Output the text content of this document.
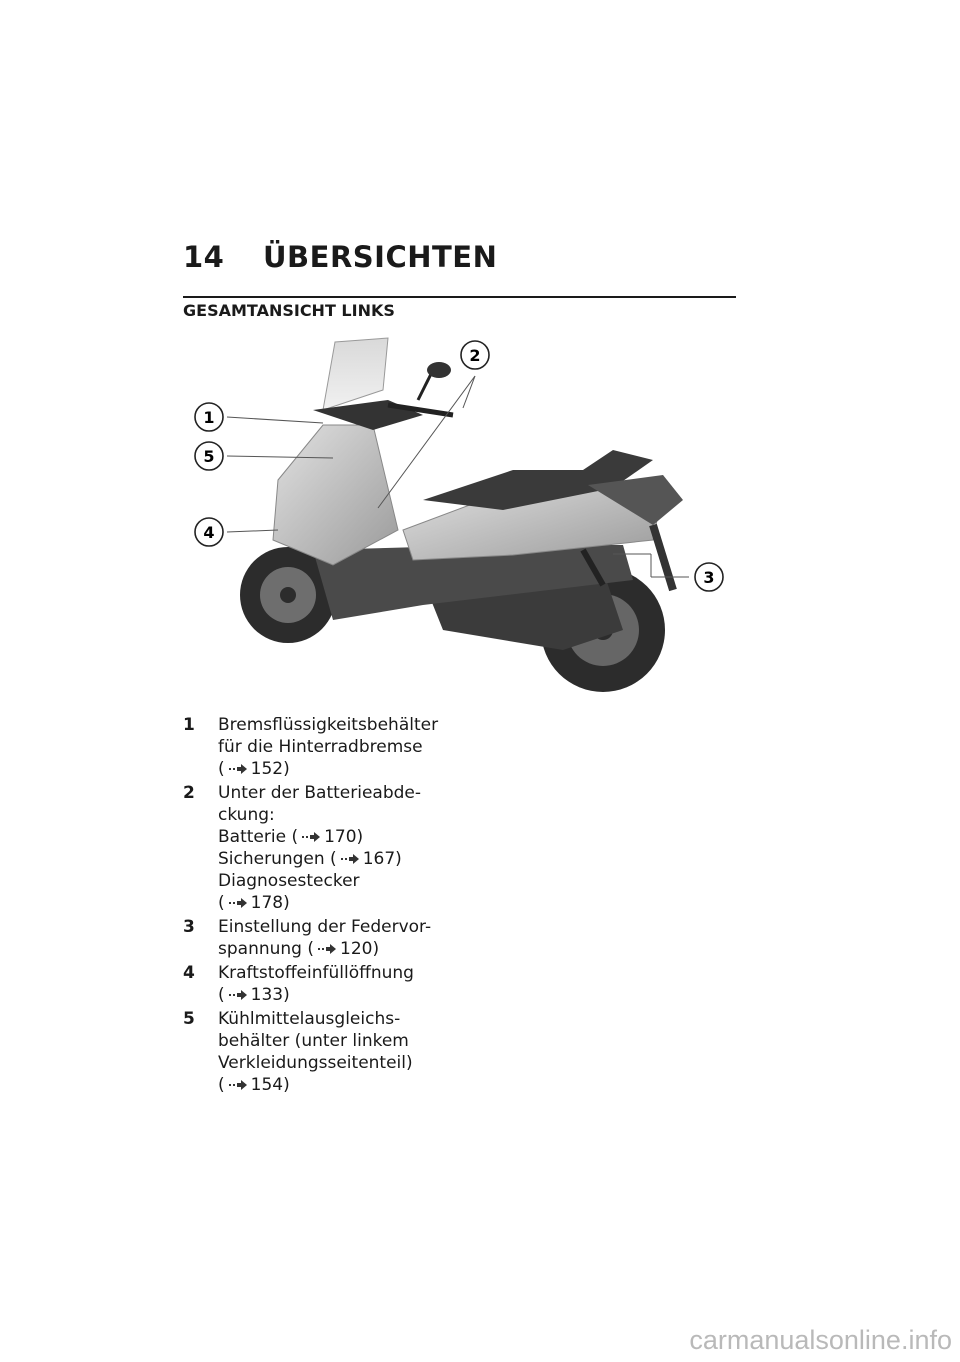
14	ÜBERSICHTEN
GESAMTANSICHT LINKS
1
5
4
2
3
1	Bremsflüssigkeitsbehälter
für die Hinterradbremse
( 152)
2	Unter der Batterieabde-
ckung:
Batterie ( 170)
Sicherungen ( 167)
Diagnosestecker
( 178)
3	Einstellung der Federvor-
spannung ( 120)
4	Kraftstoffeinfüllöffnung
( 133)
5	Kühlmittelausgleichs-
behälter (unter linkem
Verkleidungsseitenteil)
( 154)
carmanualsonline.info
